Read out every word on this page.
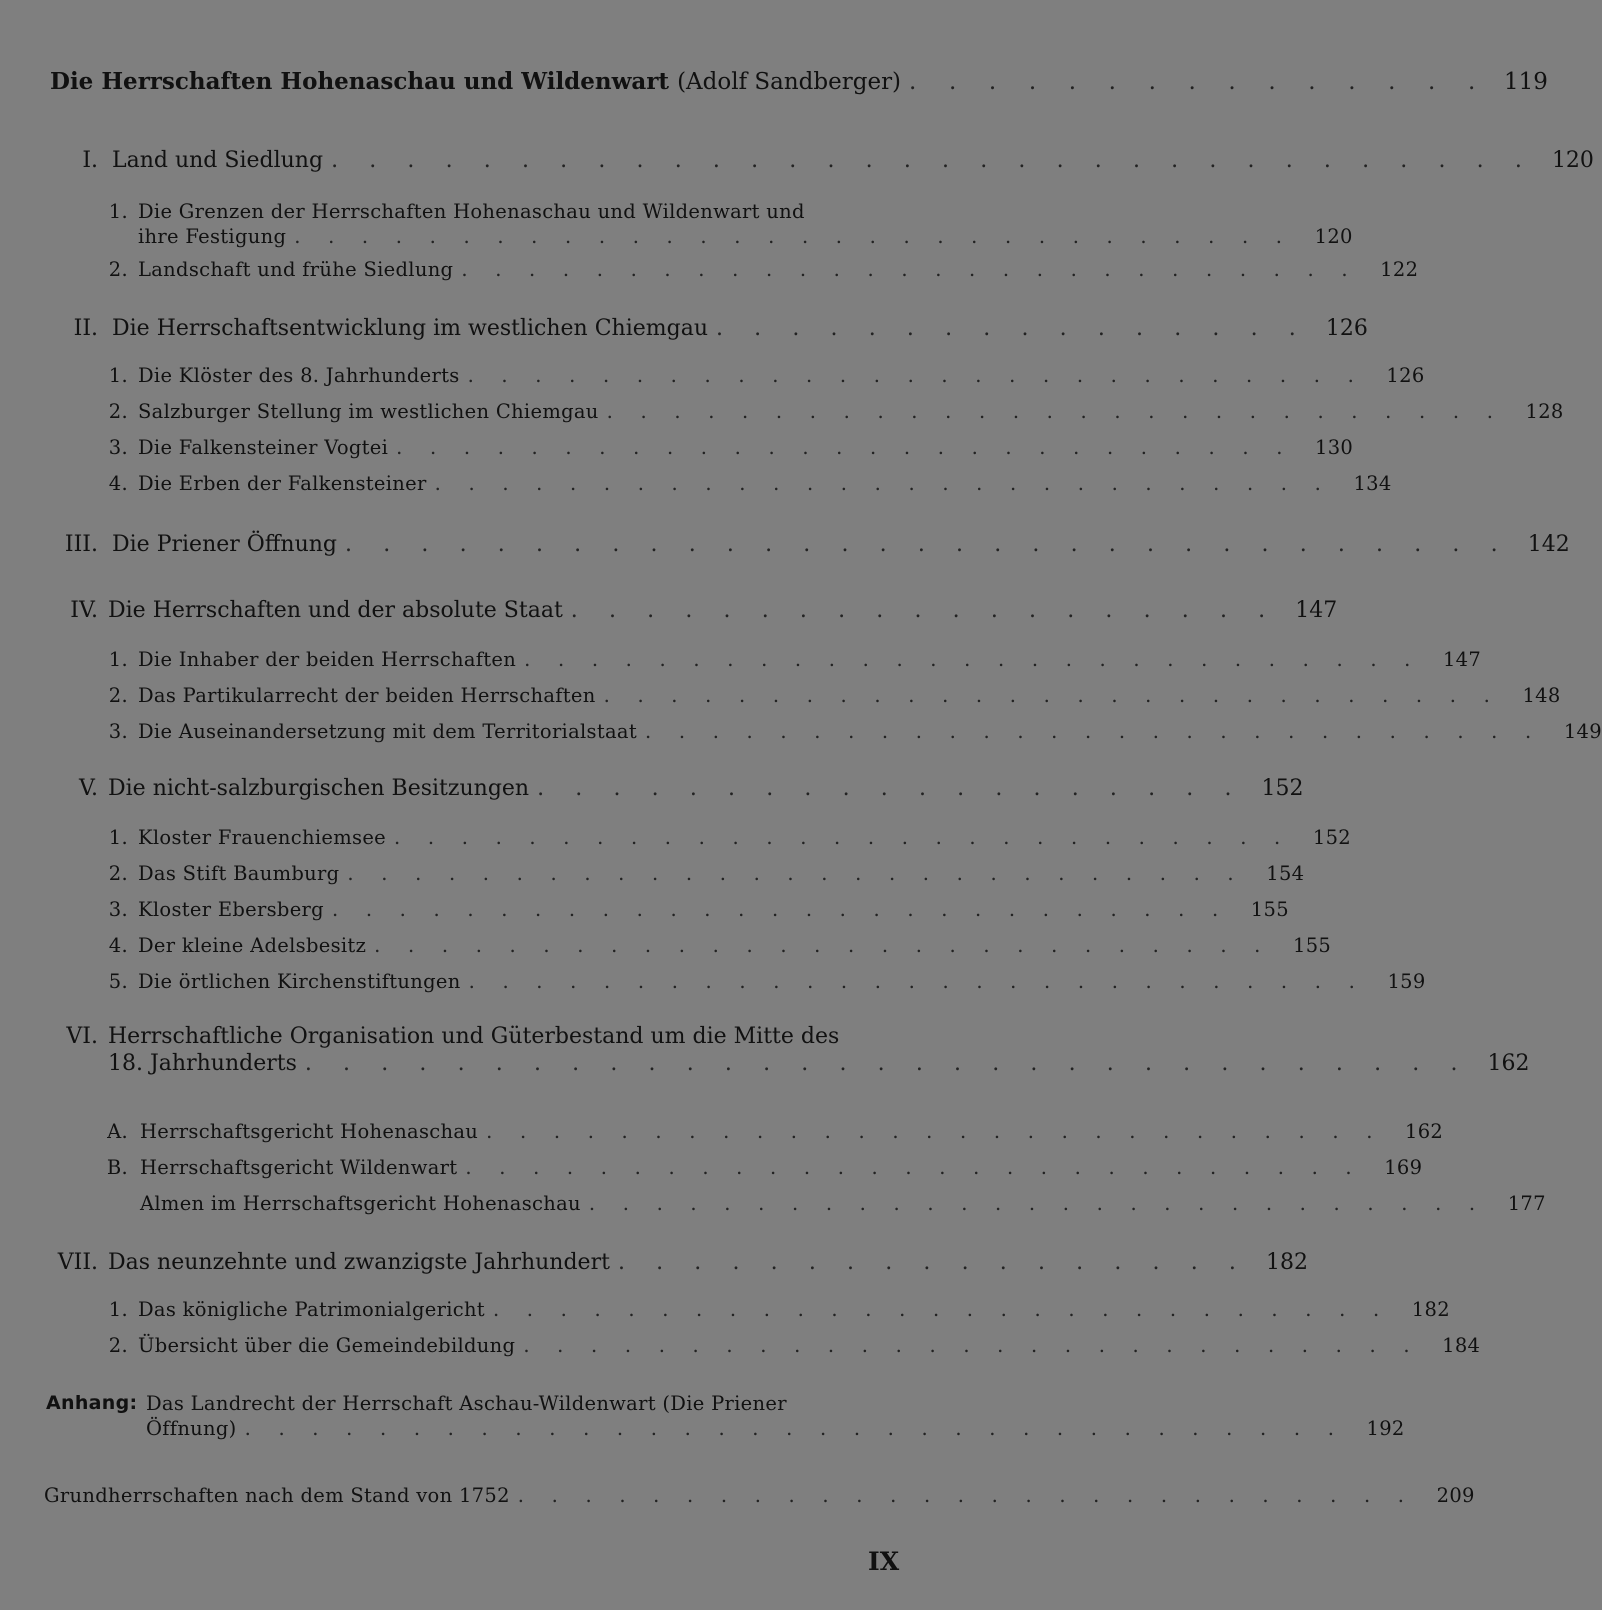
Die Herrschaften Hohenaschau und Wildenwart (Adolf Sandberger) . . . . . . . . . . . . . . . 119
I. Land und Siedlung . . . . . . . . . . . . . . . . . . . . . . . . . . . . . . . . 120
1. Die Grenzen der Herrschaften Hohenaschau und Wildenwart und
ihre Festigung . . . . . . . . . . . . . . . . . . . . . . . . . . . . . .	120
2. Landschaft und frühe Siedlung . . . . . . . . . . . . . . . . . . . . . . . . . . .	122
II. Die Herrschaftsentwicklung im westlichen Chiemgau . . . . . . . . . . . . . . . . 126
1. Die Klöster des 8. Jahrhunderts . . . . . . . . . . . . . . . . . . . . . . . . . . .	126
2. Salzburger Stellung im westlichen Chiemgau . . . . . . . . . . . . . . . . . . . . . . . . . . .	128
3. Die Falkensteiner Vogtei . . . . . . . . . . . . . . . . . . . . . . . . . . .	130
4. Die Erben der Falkensteiner . . . . . . . . . . . . . . . . . . . . . . . . . . .	134
III. Die Priener Öffnung . . . . . . . . . . . . . . . . . . . . . . . . . . . . . . . 142
IV. Die Herrschaften und der absolute Staat . . . . . . . . . . . . . . . . . . . 147
1. Die Inhaber der beiden Herrschaften . . . . . . . . . . . . . . . . . . . . . . . . . . .	147
2. Das Partikularrecht der beiden Herrschaften . . . . . . . . . . . . . . . . . . . . . . . . . . .	148
3. Die Auseinandersetzung mit dem Territorialstaat . . . . . . . . . . . . . . . . . . . . . . . . . . .	149
V. Die nicht-salzburgischen Besitzungen . . . . . . . . . . . . . . . . . . . 152
1. Kloster Frauenchiemsee . . . . . . . . . . . . . . . . . . . . . . . . . . .	152
2. Das Stift Baumburg . . . . . . . . . . . . . . . . . . . . . . . . . . .	154
3. Kloster Ebersberg . . . . . . . . . . . . . . . . . . . . . . . . . . .	155
4. Der kleine Adelsbesitz . . . . . . . . . . . . . . . . . . . . . . . . . . .	155
5. Die örtlichen Kirchenstiftungen . . . . . . . . . . . . . . . . . . . . . . . . . . .	159
VI. Herrschaftliche Organisation und Güterbestand um die Mitte des
18. Jahrhunderts . . . . . . . . . . . . . . . . . . . . . . . . . . . . . . . 162
A. Herrschaftsgericht Hohenaschau . . . . . . . . . . . . . . . . . . . . . . . . . . .	162
B. Herrschaftsgericht Wildenwart . . . . . . . . . . . . . . . . . . . . . . . . . . .	169
Almen im Herrschaftsgericht Hohenaschau . . . . . . . . . . . . . . . . . . . . . . . . . . .	177
VII. Das neunzehnte und zwanzigste Jahrhundert . . . . . . . . . . . . . . . . . 182
1. Das königliche Patrimonialgericht . . . . . . . . . . . . . . . . . . . . . . . . . . .	182
2. Übersicht über die Gemeindebildung . . . . . . . . . . . . . . . . . . . . . . . . . . .	184
Anhang: Das Landrecht der Herrschaft Aschau-Wildenwart (Die Priener
Öffnung) . . . . . . . . . . . . . . . . . . . . . . . . . . . . . . . . .	192
Grundherrschaften nach dem Stand von 1752 . . . . . . . . . . . . . . . . . . . . . . . . . . .	209
IX
